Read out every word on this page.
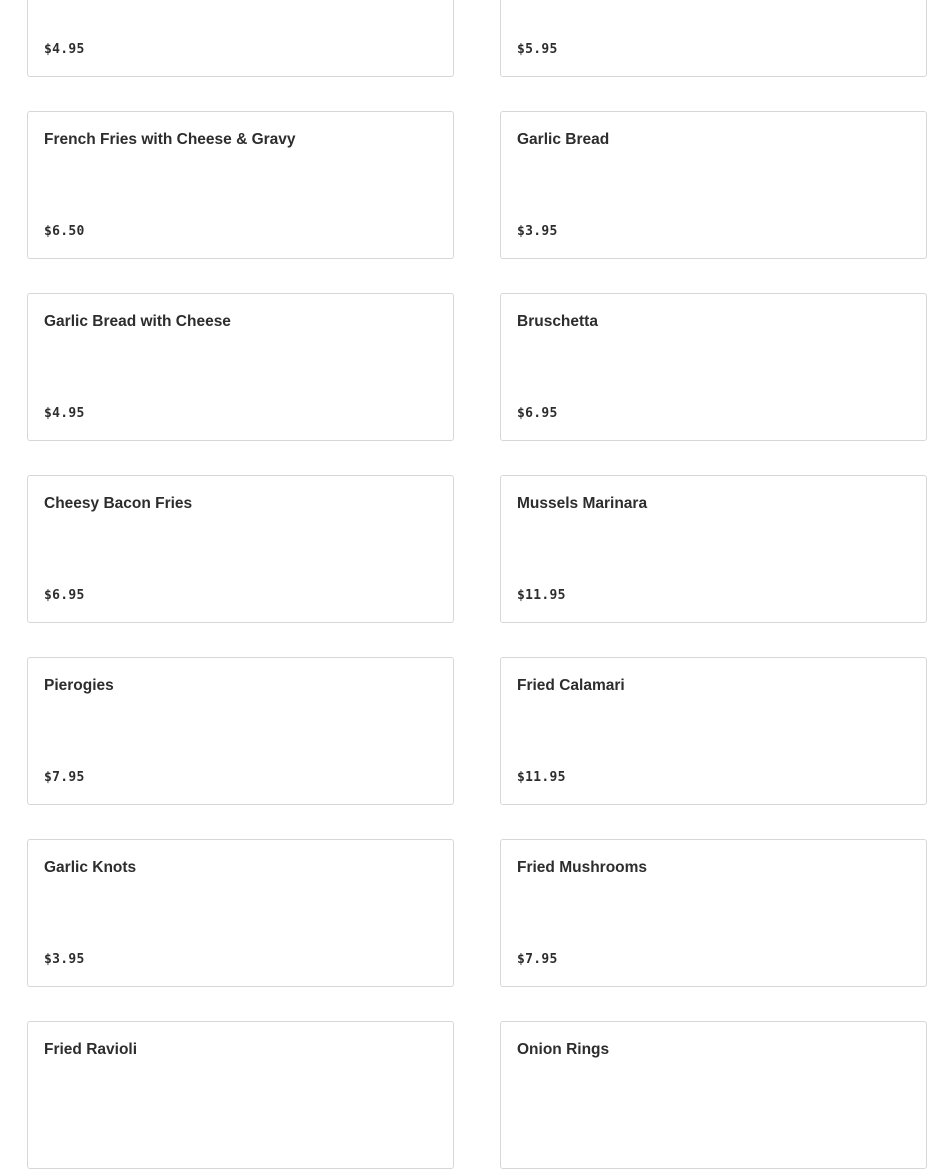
$4.95	$5.95
French Fries with Cheese & Gravy
$6.50
Garlic Bread
$3.95
Garlic Bread with Cheese
$4.95
Bruschetta
$6.95
Cheesy Bacon Fries
$6.95
Mussels Marinara
$11.95
Pierogies
$7.95
Fried Calamari
$11.95
Garlic Knots
$3.95
Fried Mushrooms
$7.95
Fried Ravioli	Onion Rings
